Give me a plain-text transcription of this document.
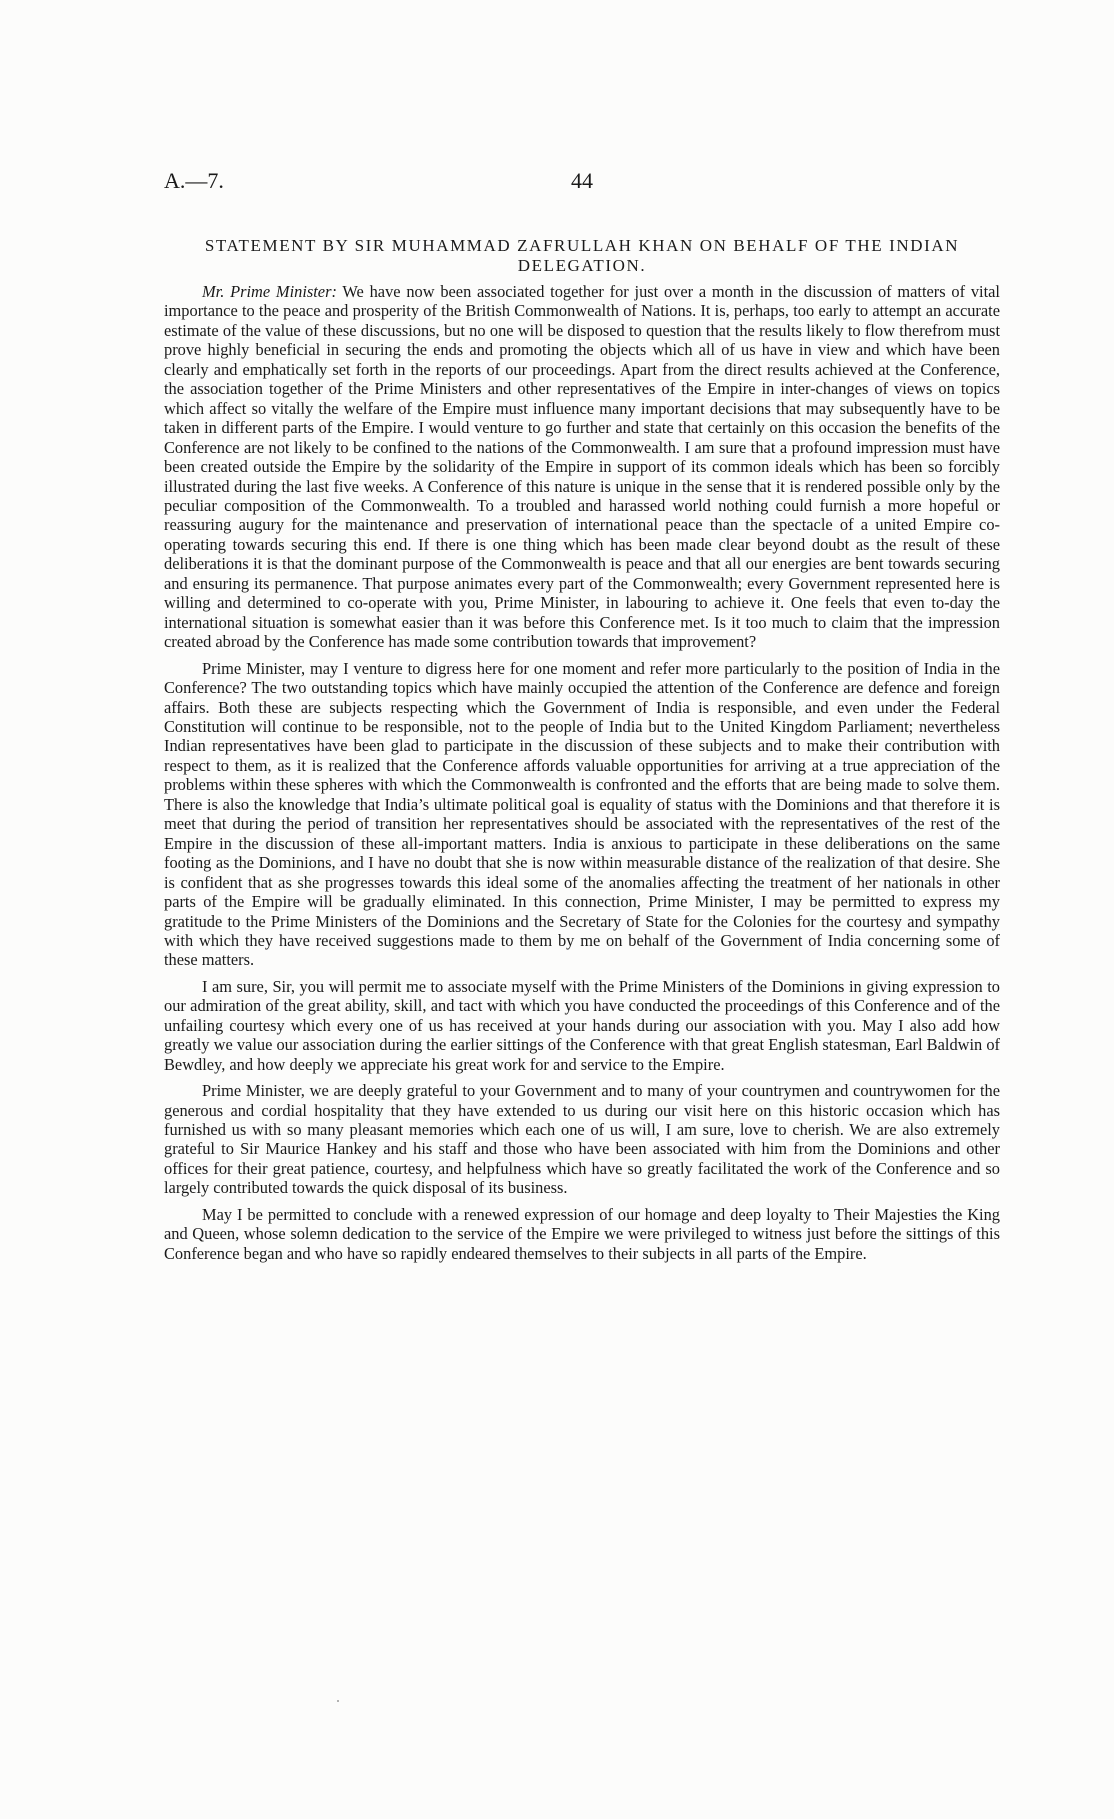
A.—7.	44
STATEMENT BY SIR MUHAMMAD ZAFRULLAH KHAN ON BEHALF OF THE INDIAN DELEGATION.

Mr. Prime Minister: We have now been associated together for just over a month in the discussion of matters of vital importance to the peace and prosperity of the British Commonwealth of Nations. It is, perhaps, too early to attempt an accurate estimate of the value of these discussions, but no one will be disposed to question that the results likely to flow therefrom must prove highly beneficial in securing the ends and promoting the objects which all of us have in view and which have been clearly and emphatically set forth in the reports of our proceedings. Apart from the direct results achieved at the Conference, the association together of the Prime Ministers and other representatives of the Empire in inter-changes of views on topics which affect so vitally the welfare of the Empire must influence many important decisions that may subsequently have to be taken in different parts of the Empire. I would venture to go further and state that certainly on this occasion the benefits of the Conference are not likely to be confined to the nations of the Commonwealth. I am sure that a profound impression must have been created outside the Empire by the solidarity of the Empire in support of its common ideals which has been so forcibly illustrated during the last five weeks. A Conference of this nature is unique in the sense that it is rendered possible only by the peculiar composition of the Commonwealth. To a troubled and harassed world nothing could furnish a more hopeful or reassuring augury for the maintenance and preservation of international peace than the spectacle of a united Empire co-operating towards securing this end. If there is one thing which has been made clear beyond doubt as the result of these deliberations it is that the dominant purpose of the Commonwealth is peace and that all our energies are bent towards securing and ensuring its permanence. That purpose animates every part of the Commonwealth; every Government represented here is willing and determined to co-operate with you, Prime Minister, in labouring to achieve it. One feels that even to-day the international situation is somewhat easier than it was before this Conference met. Is it too much to claim that the impression created abroad by the Conference has made some contribution towards that improvement?

Prime Minister, may I venture to digress here for one moment and refer more particularly to the position of India in the Conference? The two outstanding topics which have mainly occupied the attention of the Conference are defence and foreign affairs. Both these are subjects respecting which the Government of India is responsible, and even under the Federal Constitution will continue to be responsible, not to the people of India but to the United Kingdom Parliament; nevertheless Indian representatives have been glad to participate in the discussion of these subjects and to make their contribution with respect to them, as it is realized that the Conference affords valuable opportunities for arriving at a true appreciation of the problems within these spheres with which the Commonwealth is confronted and the efforts that are being made to solve them. There is also the knowledge that India’s ultimate political goal is equality of status with the Dominions and that therefore it is meet that during the period of transition her representatives should be associated with the representatives of the rest of the Empire in the discussion of these all-important matters. India is anxious to participate in these deliberations on the same footing as the Dominions, and I have no doubt that she is now within measurable distance of the realization of that desire. She is confident that as she progresses towards this ideal some of the anomalies affecting the treatment of her nationals in other parts of the Empire will be gradually eliminated. In this connection, Prime Minister, I may be permitted to express my gratitude to the Prime Ministers of the Dominions and the Secretary of State for the Colonies for the courtesy and sympathy with which they have received suggestions made to them by me on behalf of the Government of India concerning some of these matters.

I am sure, Sir, you will permit me to associate myself with the Prime Ministers of the Dominions in giving expression to our admiration of the great ability, skill, and tact with which you have conducted the proceedings of this Conference and of the unfailing courtesy which every one of us has received at your hands during our association with you. May I also add how greatly we value our association during the earlier sittings of the Conference with that great English statesman, Earl Baldwin of Bewdley, and how deeply we appreciate his great work for and service to the Empire.

Prime Minister, we are deeply grateful to your Government and to many of your countrymen and countrywomen for the generous and cordial hospitality that they have extended to us during our visit here on this historic occasion which has furnished us with so many pleasant memories which each one of us will, I am sure, love to cherish. We are also extremely grateful to Sir Maurice Hankey and his staff and those who have been associated with him from the Dominions and other offices for their great patience, courtesy, and helpfulness which have so greatly facilitated the work of the Conference and so largely contributed towards the quick disposal of its business.

May I be permitted to conclude with a renewed expression of our homage and deep loyalty to Their Majesties the King and Queen, whose solemn dedication to the service of the Empire we were privileged to witness just before the sittings of this Conference began and who have so rapidly endeared themselves to their subjects in all parts of the Empire.
